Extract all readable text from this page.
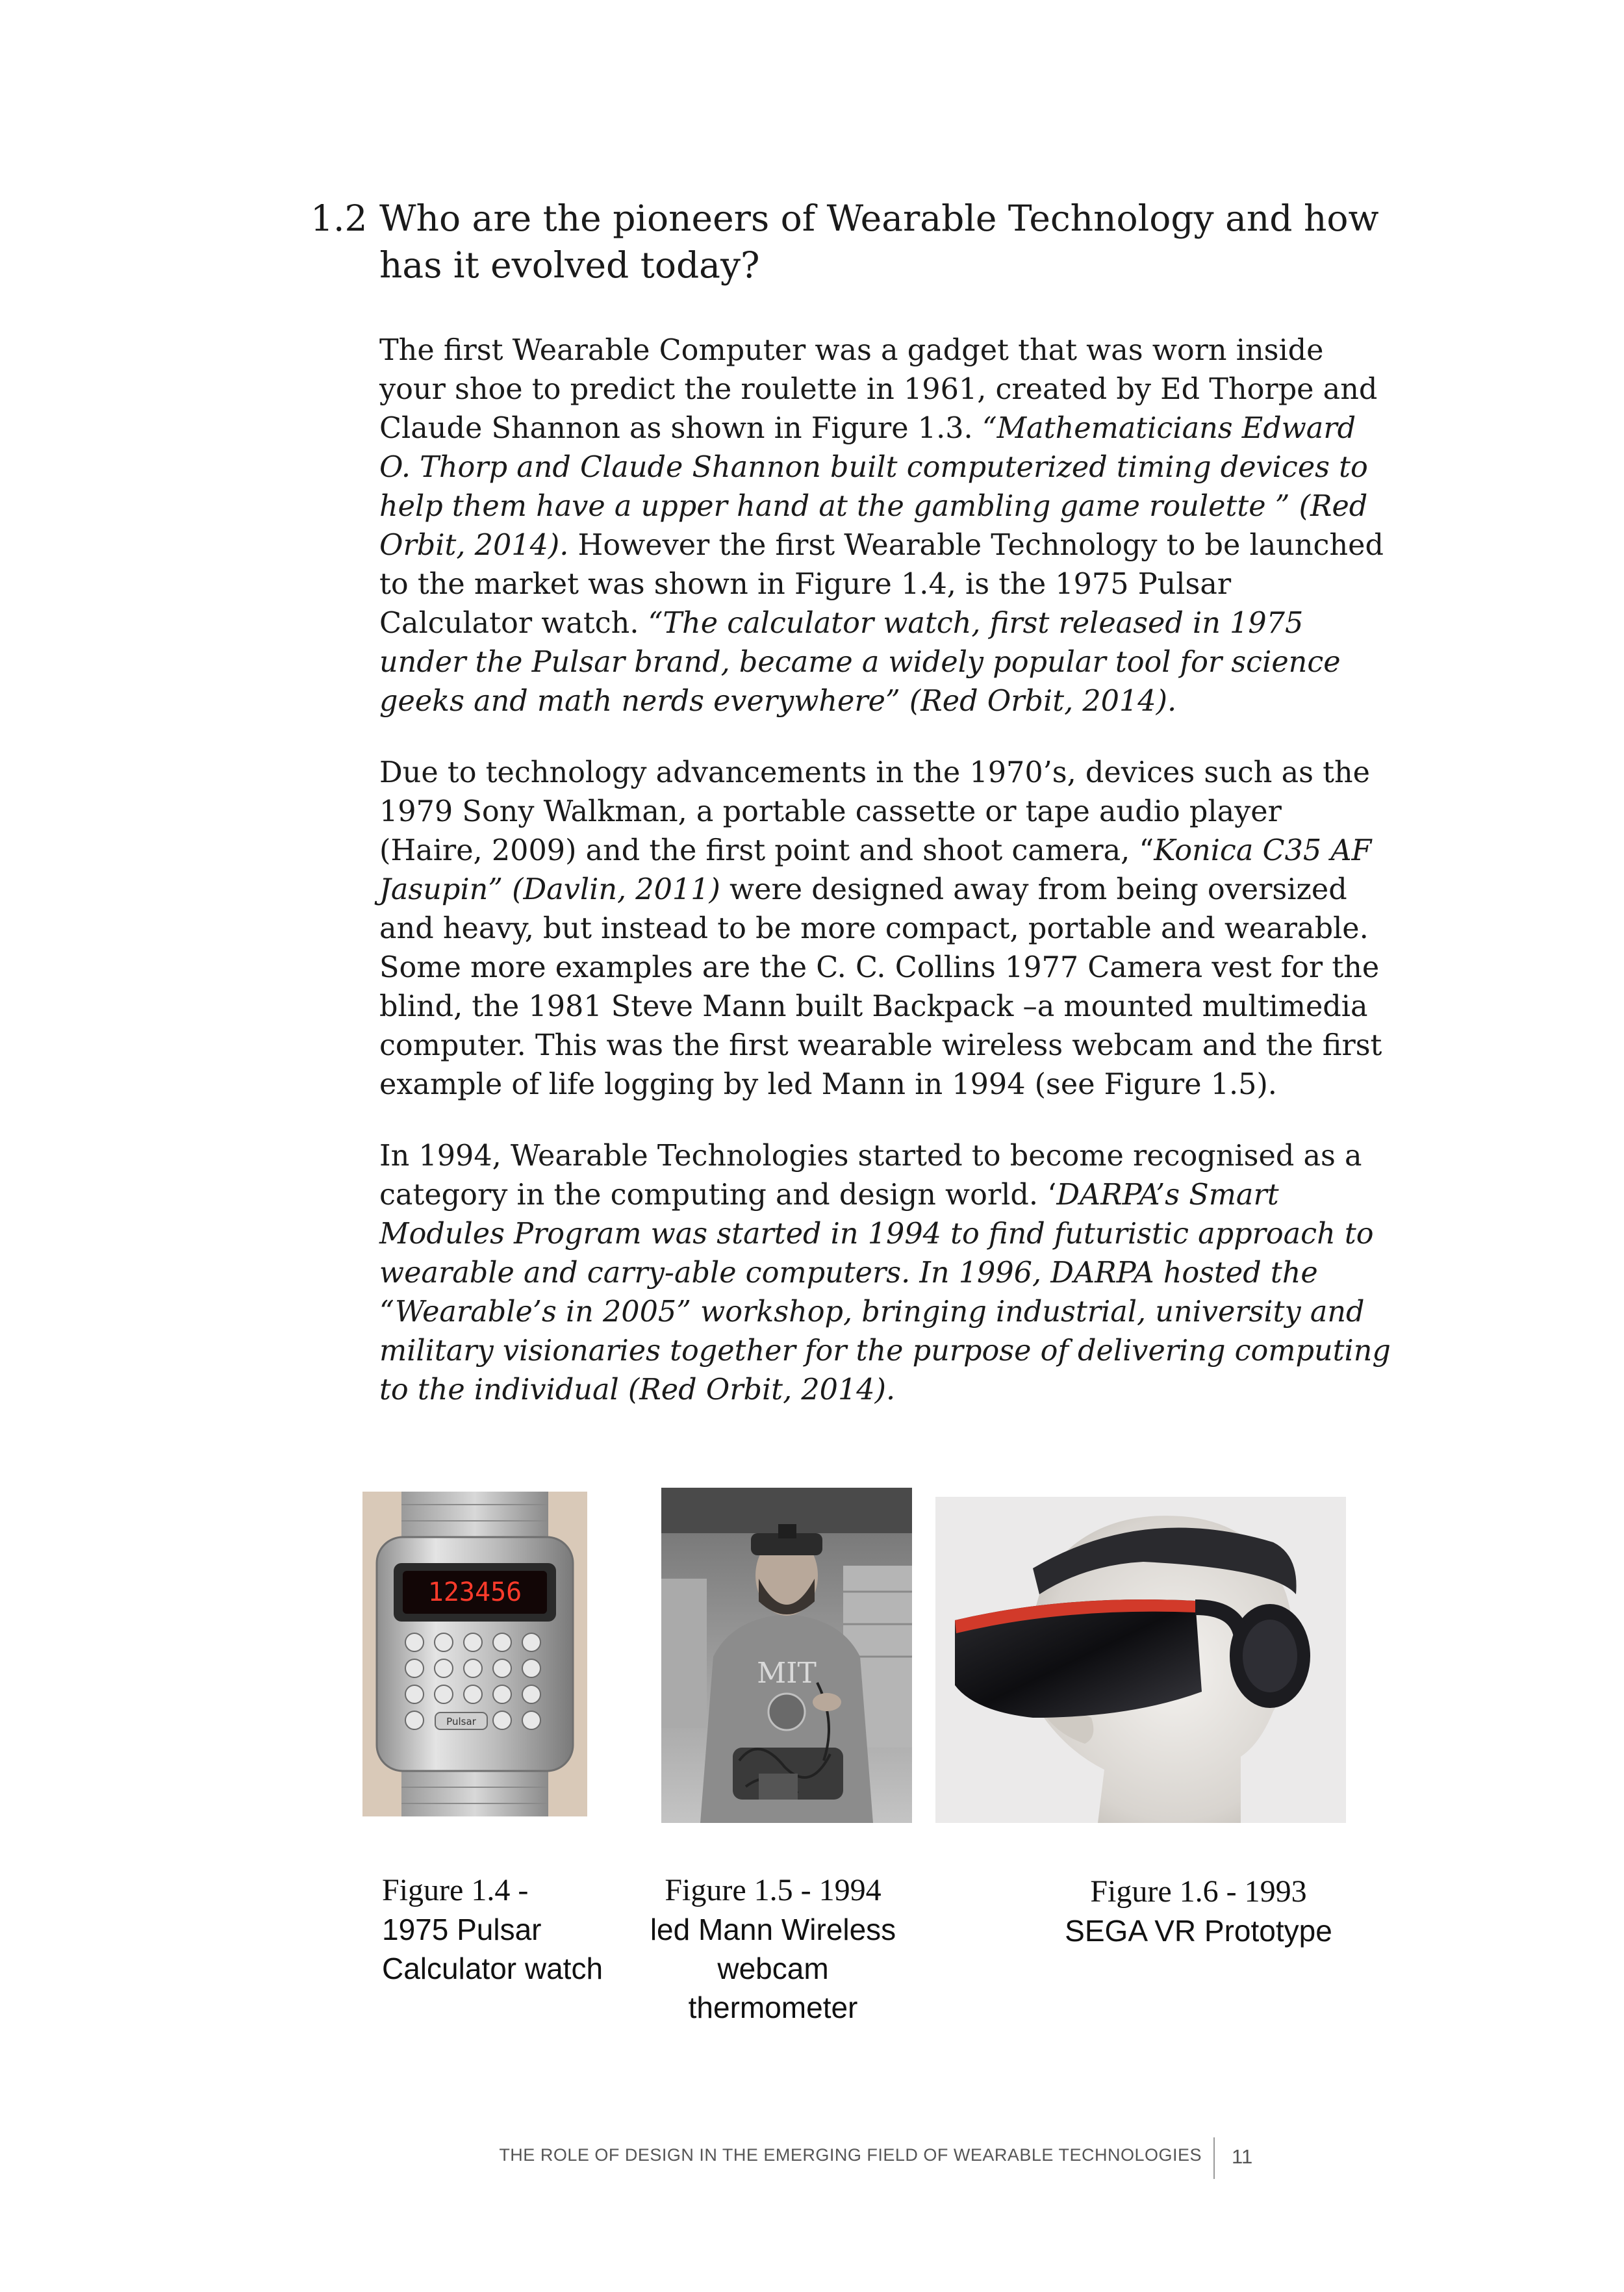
1.2 Who are the pioneers of Wearable Technology and how has it evolved today?

The first Wearable Computer was a gadget that was worn inside your shoe to predict the roulette in 1961, created by Ed Thorpe and Claude Shannon as shown in Figure 1.3. “Mathematicians Edward O. Thorp and Claude Shannon built computerized timing devices to help them have a upper hand at the gambling game roulette ” (Red Orbit, 2014). However the first Wearable Technology to be launched to the market was shown in Figure 1.4, is the 1975 Pulsar Calculator watch. “The calculator watch, first released in 1975 under the Pulsar brand, became a widely popular tool for science geeks and math nerds everywhere” (Red Orbit, 2014).

Due to technology advancements in the 1970’s, devices such as the 1979 Sony Walkman, a portable cassette or tape audio player (Haire, 2009) and the first point and shoot camera, “Konica C35 AF Jasupin” (Davlin, 2011) were designed away from being oversized and heavy, but instead to be more compact, portable and wearable. Some more examples are the C. C. Collins 1977 Camera vest for the blind, the 1981 Steve Mann built Backpack –a mounted multimedia computer. This was the first wearable wireless webcam and the first example of life logging by led Mann in 1994 (see Figure 1.5).

In 1994, Wearable Technologies started to become recognised as a category in the computing and design world. ‘DARPA’s Smart Modules Program was started in 1994 to find futuristic approach to wearable and carry-able computers. In 1996, DARPA hosted the “Wearable’s in 2005” workshop, bringing industrial, university and military visionaries together for the purpose of delivering computing to the individual (Red Orbit, 2014).

123456
Pulsar
MIT
Figure 1.4 -
1975 Pulsar
Calculator watch
Figure 1.5 - 1994
led Mann Wireless
webcam
thermometer
Figure 1.6 - 1993
SEGA VR Prototype
THE ROLE OF DESIGN IN THE EMERGING FIELD OF WEARABLE TECHNOLOGIES 11
